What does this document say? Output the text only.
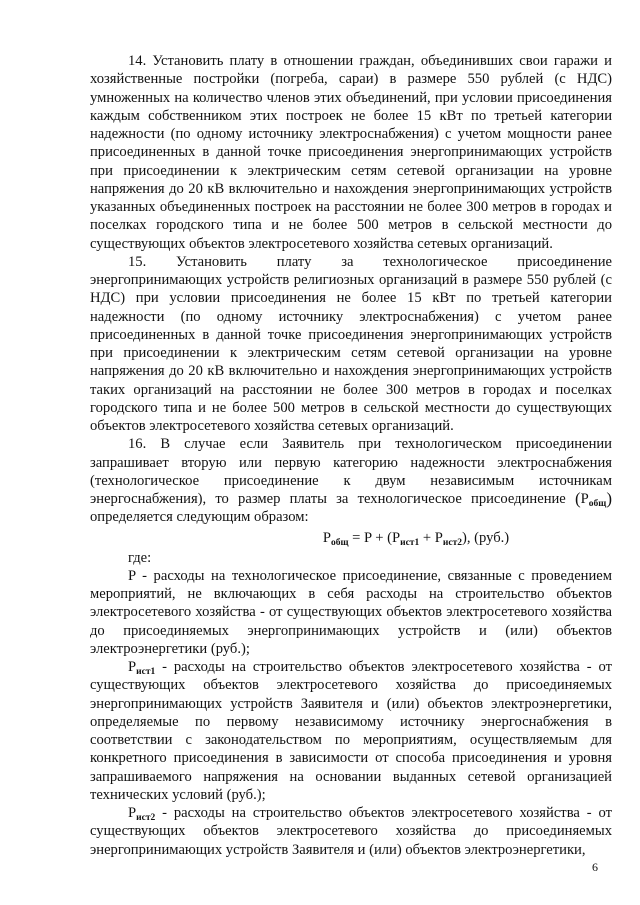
14. Установить плату в отношении граждан, объединивших свои гаражи и хозяйственные постройки (погреба, сараи) в размере 550 рублей (с НДС) умноженных на количество членов этих объединений, при условии присоединения каждым собственником этих построек не более 15 кВт по третьей категории надежности (по одному источнику электроснабжения) с учетом мощности ранее присоединенных в данной точке присоединения энергопринимающих устройств при присоединении к электрическим сетям сетевой организации на уровне напряжения до 20 кВ включительно и нахождения энергопринимающих устройств указанных объединенных построек на расстоянии не более 300 метров в городах и поселках городского типа и не более 500 метров в сельской местности до существующих объектов электросетевого хозяйства сетевых организаций.

15. Установить плату за технологическое присоединение энергопринимающих устройств религиозных организаций в размере 550 рублей (с НДС) при условии присоединения не более 15 кВт по третьей категории надежности (по одному источнику электроснабжения) с учетом ранее присоединенных в данной точке присоединения энергопринимающих устройств при присоединении к электрическим сетям сетевой организации на уровне напряжения до 20 кВ включительно и нахождения энергопринимающих устройств таких организаций на расстоянии не более 300 метров в городах и поселках городского типа и не более 500 метров в сельской местности до существующих объектов электросетевого хозяйства сетевых организаций.

16. В случае если Заявитель при технологическом присоединении запрашивает вторую или первую категорию надежности электроснабжения (технологическое присоединение к двум независимым источникам энергоснабжения), то размер платы за технологическое присоединение $(P_{общ})$ определяется следующим образом:

$P_{общ} = P + (P_{ист1} + P_{ист2})$, (руб.)

где:

P - расходы на технологическое присоединение, связанные с проведением мероприятий, не включающих в себя расходы на строительство объектов электросетевого хозяйства - от существующих объектов электросетевого хозяйства до присоединяемых энергопринимающих устройств и (или) объектов электроэнергетики (руб.);

$P_{ист1}$ - расходы на строительство объектов электросетевого хозяйства - от существующих объектов электросетевого хозяйства до присоединяемых энергопринимающих устройств Заявителя и (или) объектов электроэнергетики, определяемые по первому независимому источнику энергоснабжения в соответствии с законодательством по мероприятиям, осуществляемым для конкретного присоединения в зависимости от способа присоединения и уровня запрашиваемого напряжения на основании выданных сетевой организацией технических условий (руб.);

$P_{ист2}$ - расходы на строительство объектов электросетевого хозяйства - от существующих объектов электросетевого хозяйства до присоединяемых энергопринимающих устройств Заявителя и (или) объектов электроэнергетики,

6
